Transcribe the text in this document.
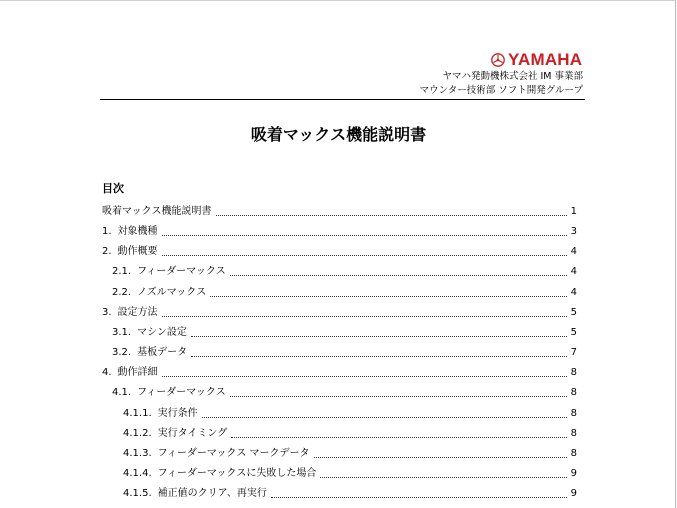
YAMAHA
ヤマハ発動機株式会社 IM 事業部
マウンター技術部 ソフト開発グループ
吸着マックス機能説明書
目次
吸着マックス機能説明書	1
1. 対象機種	3
2. 動作概要	4
2.1. フィーダーマックス	4
2.2. ノズルマックス	4
3. 設定方法	5
3.1. マシン設定	5
3.2. 基板データ	7
4. 動作詳細	8
4.1. フィーダーマックス	8
4.1.1. 実行条件	8
4.1.2. 実行タイミング	8
4.1.3. フィーダーマックス マークデータ	8
4.1.4. フィーダーマックスに失敗した場合	9
4.1.5. 補正値のクリア、再実行	9
